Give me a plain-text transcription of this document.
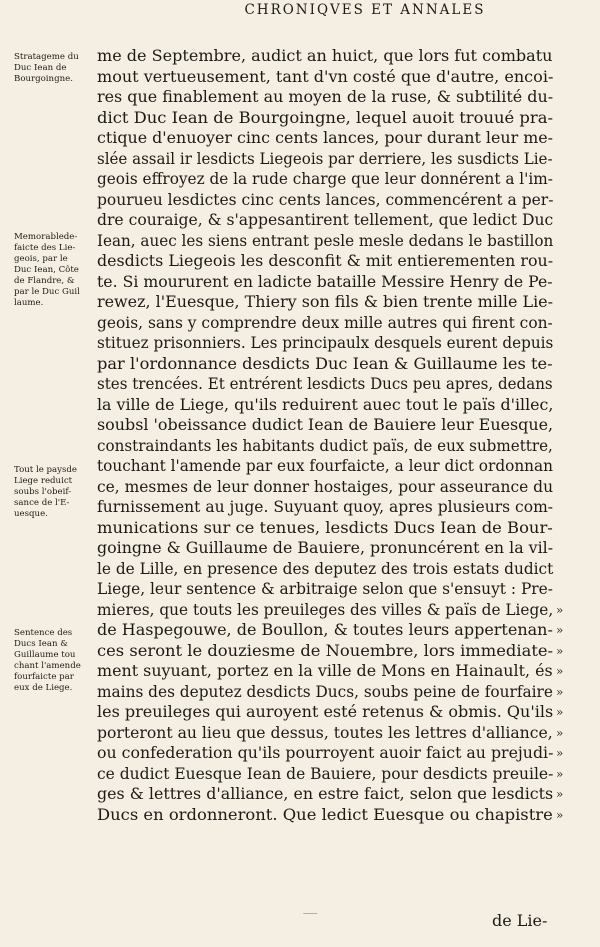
CHRONIQVES ET ANNALES
Stratageme du
Duc Iean de
Bourgoingne.
Memorablede-
faicte des Lie-
geois, par le
Duc Iean, Côte
de Flandre, &
par le Duc Guil
laume.
Tout le paysde
Liege reduict
soubs l'obeif-
sance de l'E-
uesque.
Sentence des
Ducs Iean &
Guillaume tou
chant l'amende
fourfaicte par
eux de Liege.
me de Septembre, audict an huict, que lors fut combatu
mout vertueusement, tant d'vn costé que d'autre, encoi-
res que finablement au moyen de la ruse, & subtilité du-
dict Duc Iean de Bourgoingne, lequel auoit trouué pra-
ctique d'enuoyer cinc cents lances, pour durant leur me-
slée assail ir lesdicts Liegeois par derriere, les susdicts Lie-
geois effroyez de la rude charge que leur donnérent a l'im-
pourueu lesdictes cinc cents lances, commencérent a per-
dre couraige, & s'appesantirent tellement, que ledict Duc
Iean, auec les siens entrant pesle mesle dedans le bastillon
desdicts Liegeois les desconfit & mit entierementen rou-
te. Si moururent en ladicte bataille Messire Henry de Pe-
rewez, l'Euesque, Thiery son fils & bien trente mille Lie-
geois, sans y comprendre deux mille autres qui firent con-
stituez prisonniers. Les principaulx desquels eurent depuis
par l'ordonnance desdicts Duc Iean & Guillaume les te-
stes trencées. Et entrérent lesdicts Ducs peu apres, dedans
la ville de Liege, qu'ils reduirent auec tout le païs d'illec,
soubsl 'obeissance dudict Iean de Bauiere leur Euesque,
constraindants les habitants dudict païs, de eux submettre,
touchant l'amende par eux fourfaicte, a leur dict ordonnan
ce, mesmes de leur donner hostaiges, pour asseurance du
furnissement au juge. Suyuant quoy, apres plusieurs com-
munications sur ce tenues, lesdicts Ducs Iean de Bour-
goingne & Guillaume de Bauiere, pronuncérent en la vil-
le de Lille, en presence des deputez des trois estats dudict
Liege, leur sentence & arbitraige selon que s'ensuyt : Pre-
mieres, que touts les preuileges des villes & païs de Liege,
de Haspegouwe, de Boullon, & toutes leurs appertenan-
ces seront le douziesme de Nouembre, lors immediate-
ment suyuant, portez en la ville de Mons en Hainault, és
mains des deputez desdicts Ducs, soubs peine de fourfaire
les preuileges qui auroyent esté retenus & obmis. Qu'ils
porteront au lieu que dessus, toutes les lettres d'alliance,
ou confederation qu'ils pourroyent auoir faict au prejudi-
ce dudict Euesque Iean de Bauiere, pour desdicts preuile-
ges & lettres d'alliance, en estre faict, selon que lesdicts
Ducs en ordonneront. Que ledict Euesque ou chapistre
»
»
»
»
»
»
»
»
»
»
»
de Lie-
